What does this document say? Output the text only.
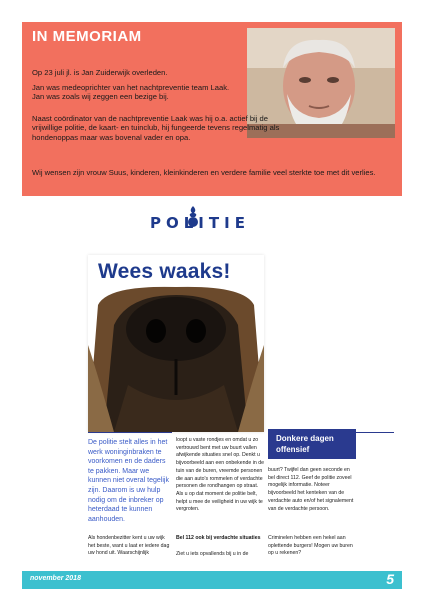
IN MEMORIAM
Op 23 juli jl. is Jan Zuiderwijk overleden.
Jan was medeoprichter van het nachtpreventie team Laak. Jan was zoals wij zeggen een bezige bij.
Naast coördinator van de nachtpreventie Laak was hij o.a. actief bij de vrijwillige politie, de kaart- en tuinclub, hij fungeerde tevens regelmatig als hondenoppas maar was bovenal vader en opa.
Wij wensen zijn vrouw Suus, kinderen, kleinkinderen en verdere familie veel sterkte toe met dit verlies.
POLITIE
Wees waaks!
Donkere dagen offensief
De politie stelt alles in het werk woninginbraken te voorkomen en de daders te pakken. Maar we kunnen niet overal tegelijk zijn. Daarom is uw hulp nodig om de inbreker op heterdaad te kunnen aanhouden.
Als hondenbezitter kent u uw wijk het beste, want u laat er iedere dag uw hond uit. Waarschijnlijk
loopt u vaste rondjes en omdat u zo vertrouwd bent met uw buurt vallen afwijkende situaties snel op. Denkt u bijvoorbeeld aan een onbekende in de tuin van de buren, vreemde personen die aan auto's rommelen of verdachte personen die rondhangen op straat. Als u op dat moment de politie belt, helpt u mee de veiligheid in uw wijk te vergroten.
Bel 112 ook bij verdachte situaties
Ziet u iets opvallends bij u in de
buurt? Twijfel dan geen seconde en bel direct 112. Geef de politie zoveel mogelijk informatie. Noteer bijvoorbeeld het kenteken van de verdachte auto en/of het signalement van de verdachte persoon.
Criminelen hebben een hekel aan oplettende burgers! Mogen uw buren op u rekenen?
november 2018	5
